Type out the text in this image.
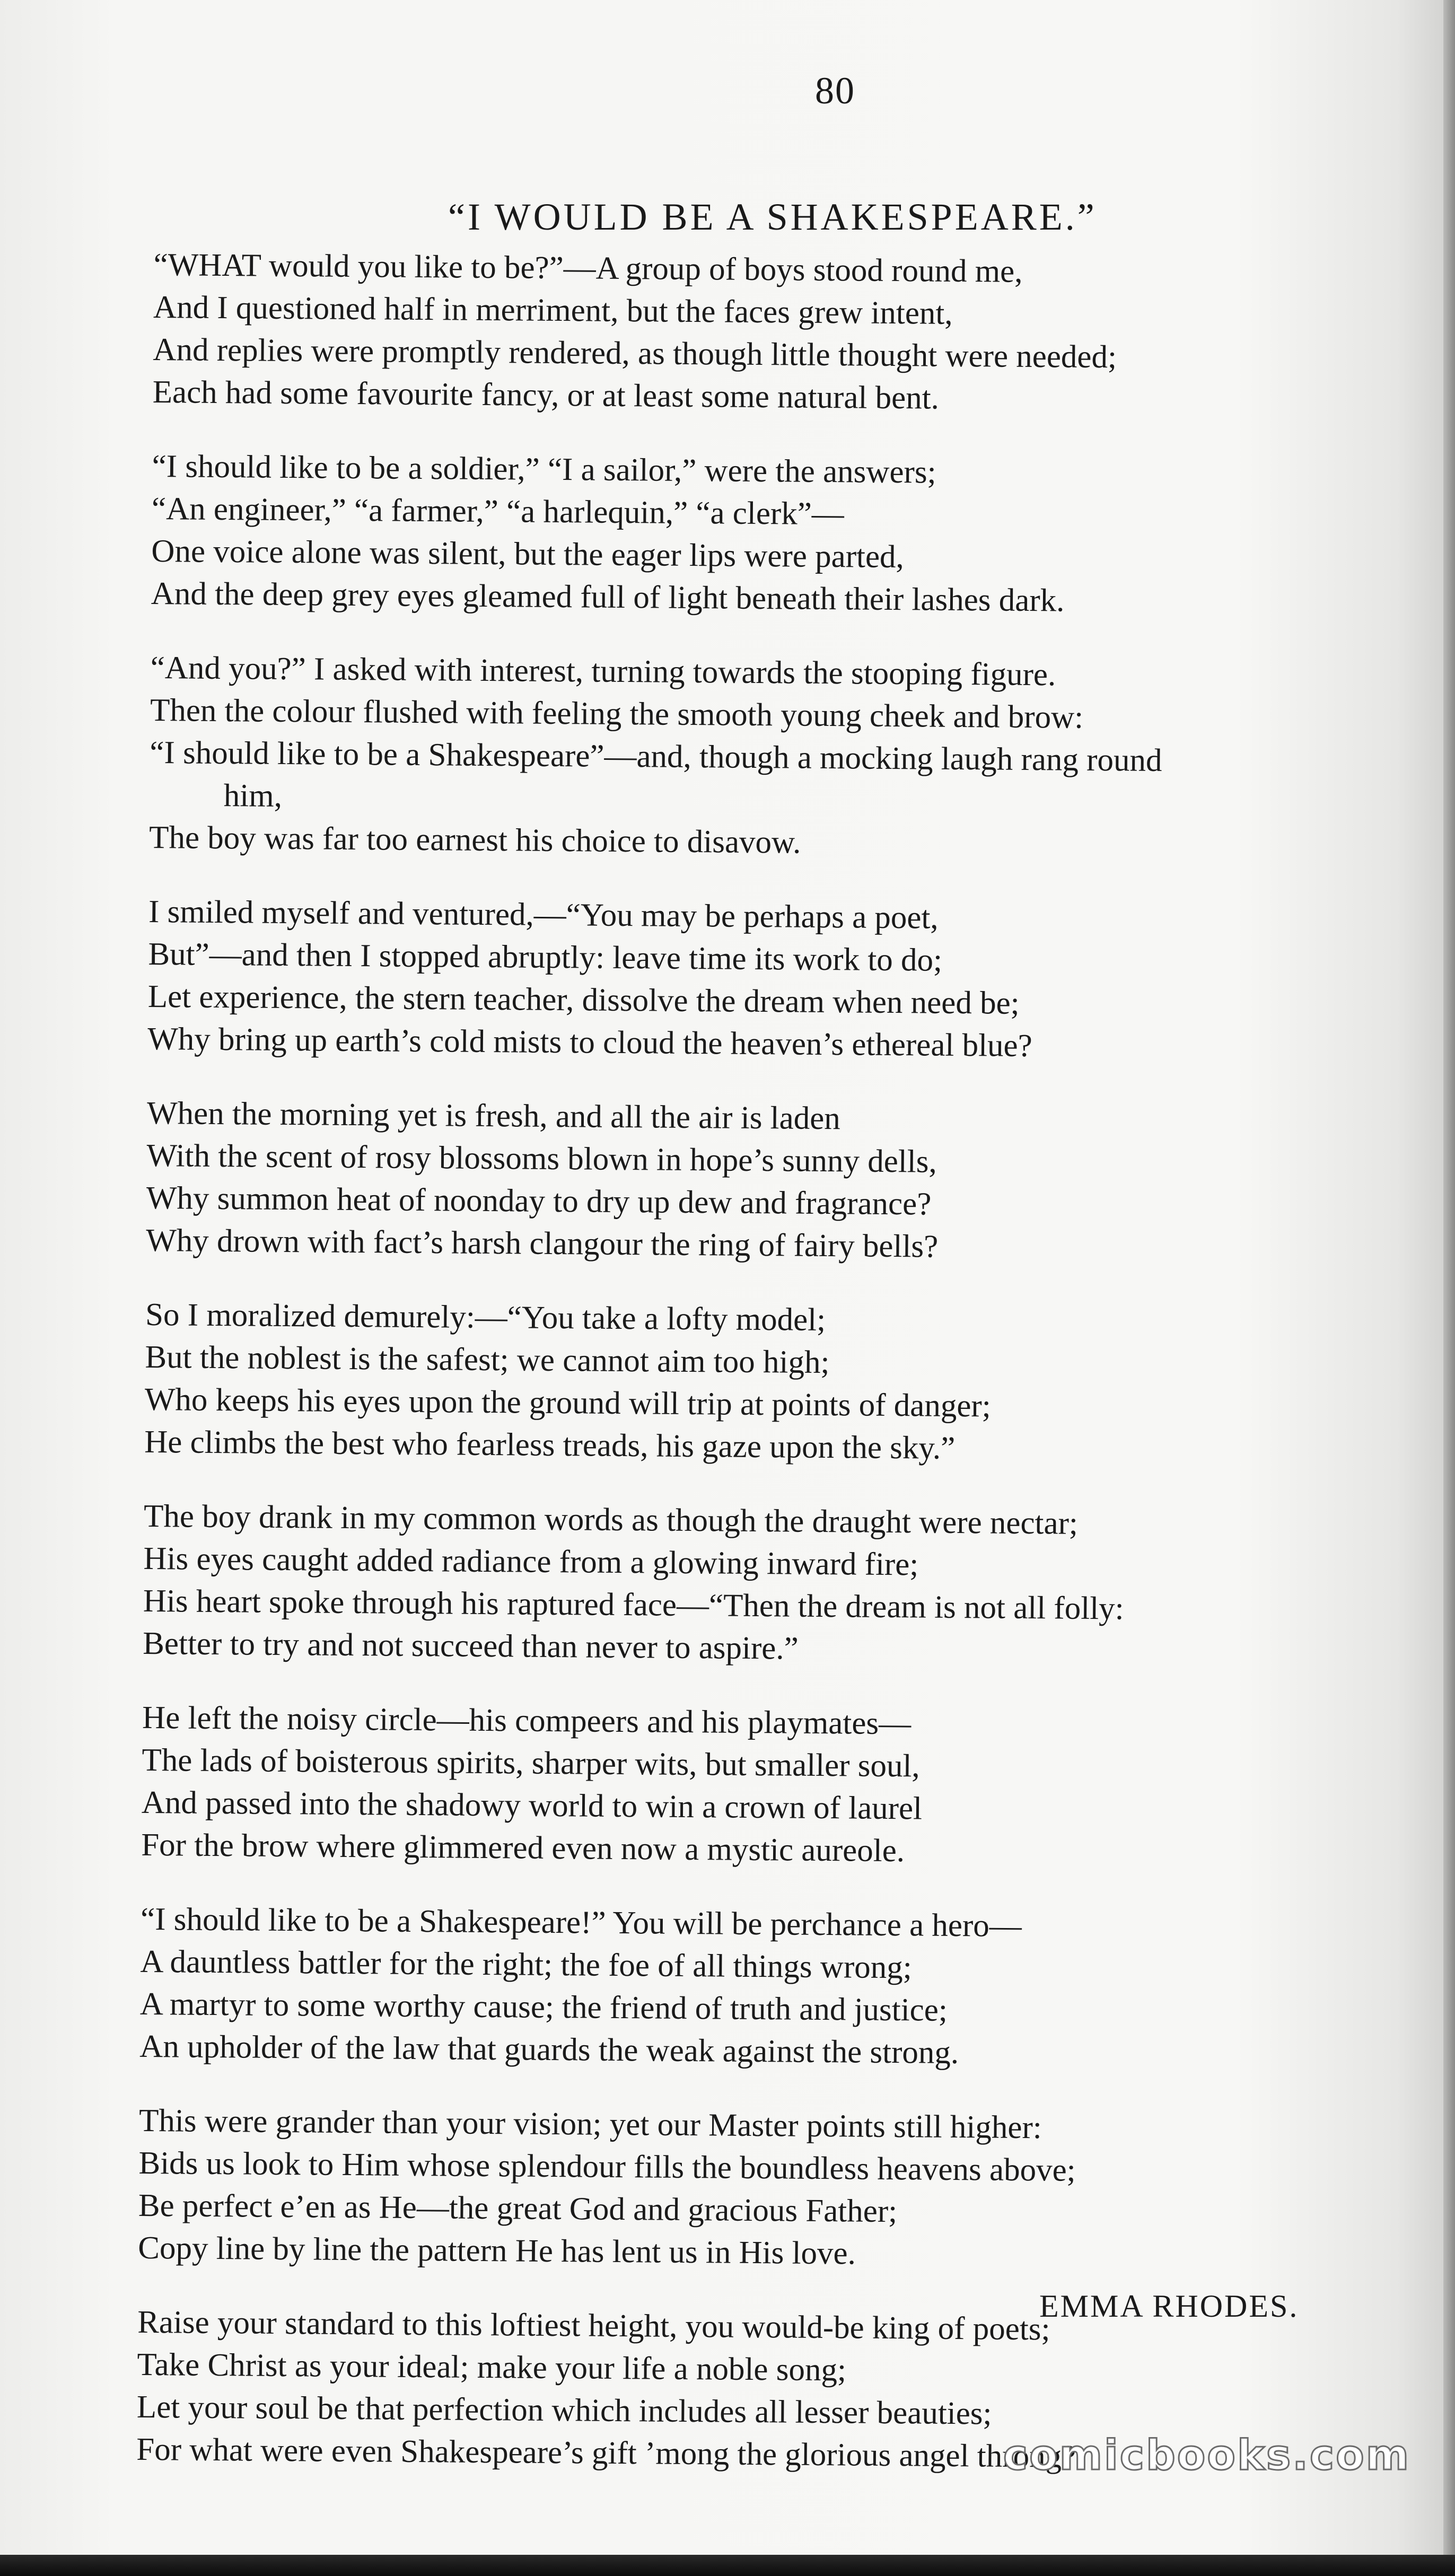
80
“I WOULD BE A SHAKESPEARE.”
“WHAT would you like to be?”—A group of boys stood round me,
And I questioned half in merriment, but the faces grew intent,
And replies were promptly rendered, as though little thought were needed;
Each had some favourite fancy, or at least some natural bent.
“I should like to be a soldier,” “I a sailor,” were the answers;
“An engineer,” “a farmer,” “a harlequin,” “a clerk”—
One voice alone was silent, but the eager lips were parted,
And the deep grey eyes gleamed full of light beneath their lashes dark.
“And you?” I asked with interest, turning towards the stooping figure.
Then the colour flushed with feeling the smooth young cheek and brow:
“I should like to be a Shakespeare”—and, though a mocking laugh rang round
him,
The boy was far too earnest his choice to disavow.
I smiled myself and ventured,—“You may be perhaps a poet,
But”—and then I stopped abruptly: leave time its work to do;
Let experience, the stern teacher, dissolve the dream when need be;
Why bring up earth’s cold mists to cloud the heaven’s ethereal blue?
When the morning yet is fresh, and all the air is laden
With the scent of rosy blossoms blown in hope’s sunny dells,
Why summon heat of noonday to dry up dew and fragrance?
Why drown with fact’s harsh clangour the ring of fairy bells?
So I moralized demurely:—“You take a lofty model;
But the noblest is the safest; we cannot aim too high;
Who keeps his eyes upon the ground will trip at points of danger;
He climbs the best who fearless treads, his gaze upon the sky.”
The boy drank in my common words as though the draught were nectar;
His eyes caught added radiance from a glowing inward fire;
His heart spoke through his raptured face—“Then the dream is not all folly:
Better to try and not succeed than never to aspire.”
He left the noisy circle—his compeers and his playmates—
The lads of boisterous spirits, sharper wits, but smaller soul,
And passed into the shadowy world to win a crown of laurel
For the brow where glimmered even now a mystic aureole.
“I should like to be a Shakespeare!” You will be perchance a hero—
A dauntless battler for the right; the foe of all things wrong;
A martyr to some worthy cause; the friend of truth and justice;
An upholder of the law that guards the weak against the strong.
This were grander than your vision; yet our Master points still higher:
Bids us look to Him whose splendour fills the boundless heavens above;
Be perfect e’en as He—the great God and gracious Father;
Copy line by line the pattern He has lent us in His love.
Raise your standard to this loftiest height, you would-be king of poets;
Take Christ as your ideal; make your life a noble song;
Let your soul be that perfection which includes all lesser beauties;
For what were even Shakespeare’s gift ’mong the glorious angel throng?
EMMA RHODES.
comicbooks.com
